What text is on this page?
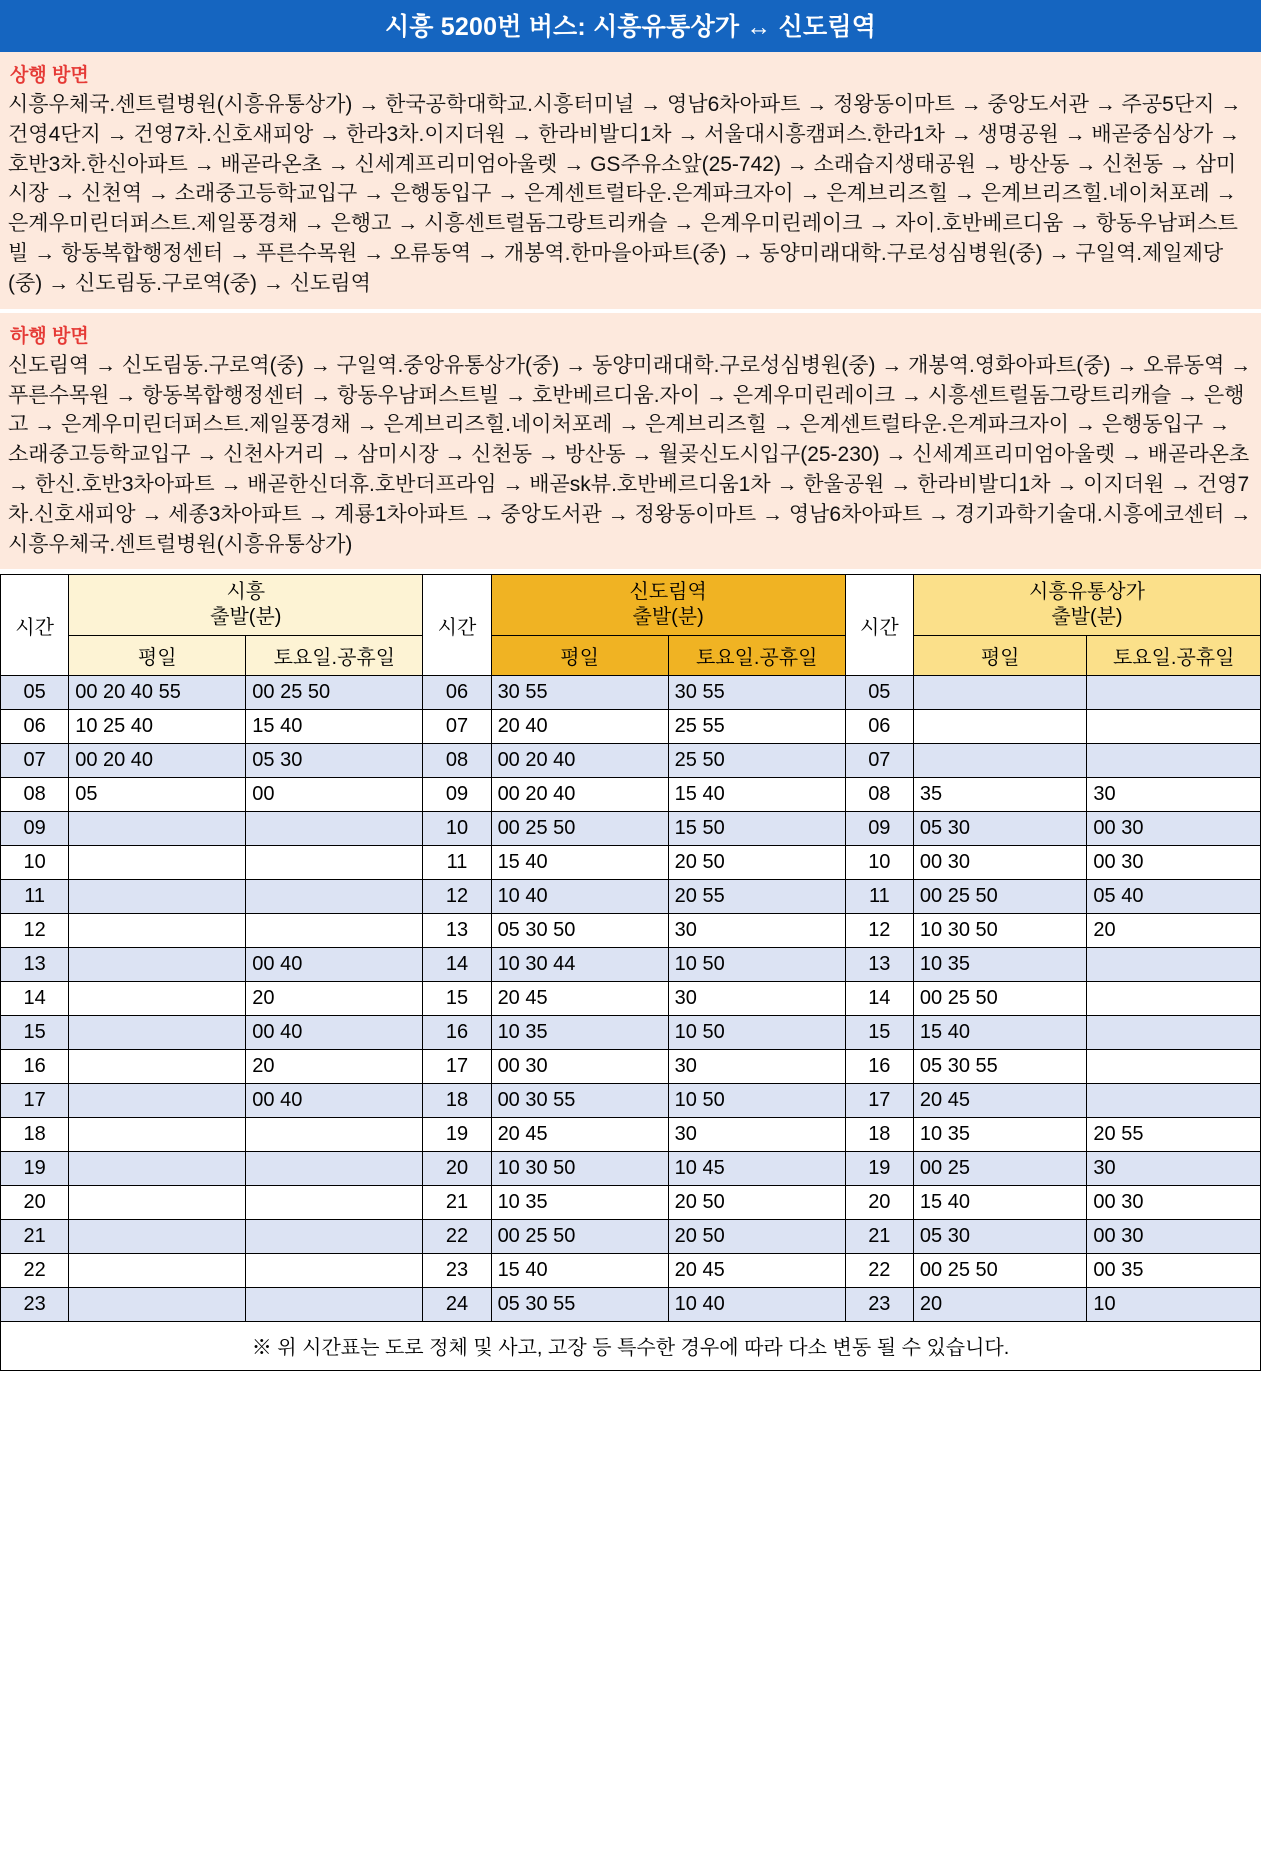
시흥 5200번 버스: 시흥유통상가 ↔ 신도림역
상행 방면
시흥우체국.센트럴병원(시흥유통상가) → 한국공학대학교.시흥터미널 → 영남6차아파트 → 정왕동이마트 → 중앙도서관 → 주공5단지 → 건영4단지 → 건영7차.신호새피앙 → 한라3차.이지더원 → 한라비발디1차 → 서울대시흥캠퍼스.한라1차 → 생명공원 → 배곧중심상가 → 호반3차.한신아파트 → 배곧라온초 → 신세계프리미엄아울렛 → GS주유소앞(25-742) → 소래습지생태공원 → 방산동 → 신천동 → 삼미시장 → 신천역 → 소래중고등학교입구 → 은행동입구 → 은계센트럴타운.은계파크자이 → 은계브리즈힐 → 은계브리즈힐.네이처포레 → 은계우미린더퍼스트.제일풍경채 → 은행고 → 시흥센트럴돔그랑트리캐슬 → 은계우미린레이크 → 자이.호반베르디움 → 항동우남퍼스트빌 → 항동복합행정센터 → 푸른수목원 → 오류동역 → 개봉역.한마을아파트(중) → 동양미래대학.구로성심병원(중) → 구일역.제일제당(중) → 신도림동.구로역(중) → 신도림역
하행 방면
신도림역 → 신도림동.구로역(중) → 구일역.중앙유통상가(중) → 동양미래대학.구로성심병원(중) → 개봉역.영화아파트(중) → 오류동역 → 푸른수목원 → 항동복합행정센터 → 항동우남퍼스트빌 → 호반베르디움.자이 → 은계우미린레이크 → 시흥센트럴돔그랑트리캐슬 → 은행고 → 은계우미린더퍼스트.제일풍경채 → 은계브리즈힐.네이처포레 → 은계브리즈힐 → 은계센트럴타운.은계파크자이 → 은행동입구 → 소래중고등학교입구 → 신천사거리 → 삼미시장 → 신천동 → 방산동 → 월곶신도시입구(25-230) → 신세계프리미엄아울렛 → 배곧라온초 → 한신.호반3차아파트 → 배곧한신더휴.호반더프라임 → 배곧sk뷰.호반베르디움1차 → 한울공원 → 한라비발디1차 → 이지더원 → 건영7차.신호새피앙 → 세종3차아파트 → 계룡1차아파트 → 중앙도서관 → 정왕동이마트 → 영남6차아파트 → 경기과학기술대.시흥에코센터 → 시흥우체국.센트럴병원(시흥유통상가)
시간	
시흥
출발(분)	시간	
신도림역
출발(분)	시간	
시흥유통상가
출발(분)

	평일	토요일.공휴일		평일	토요일.공휴일		평일	토요일.공휴일
05	00 20 40 55	00 25 50	06	30 55	30 55	05		
06	10 25 40	15 40	07	20 40	25 55	06		
07	00 20 40	05 30	08	00 20 40	25 50	07		
08	05	00	09	00 20 40	15 40	08	35	30
09			10	00 25 50	15 50	09	05 30	00 30
10			11	15 40	20 50	10	00 30	00 30
11			12	10 40	20 55	11	00 25 50	05 40
12			13	05 30 50	30	12	10 30 50	20
13		00 40	14	10 30 44	10 50	13	10 35	
14		20	15	20 45	30	14	00 25 50	
15		00 40	16	10 35	10 50	15	15 40	
16		20	17	00 30	30	16	05 30 55	
17		00 40	18	00 30 55	10 50	17	20 45	
18			19	20 45	30	18	10 35	20 55
19			20	10 30 50	10 45	19	00 25	30
20			21	10 35	20 50	20	15 40	00 30
21			22	00 25 50	20 50	21	05 30	00 30
22			23	15 40	20 45	22	00 25 50	00 35
23			24	05 30 55	10 40	23	20	10
※ 위 시간표는 도로 정체 및 사고, 고장 등 특수한 경우에 따라 다소 변동 될 수 있습니다.
